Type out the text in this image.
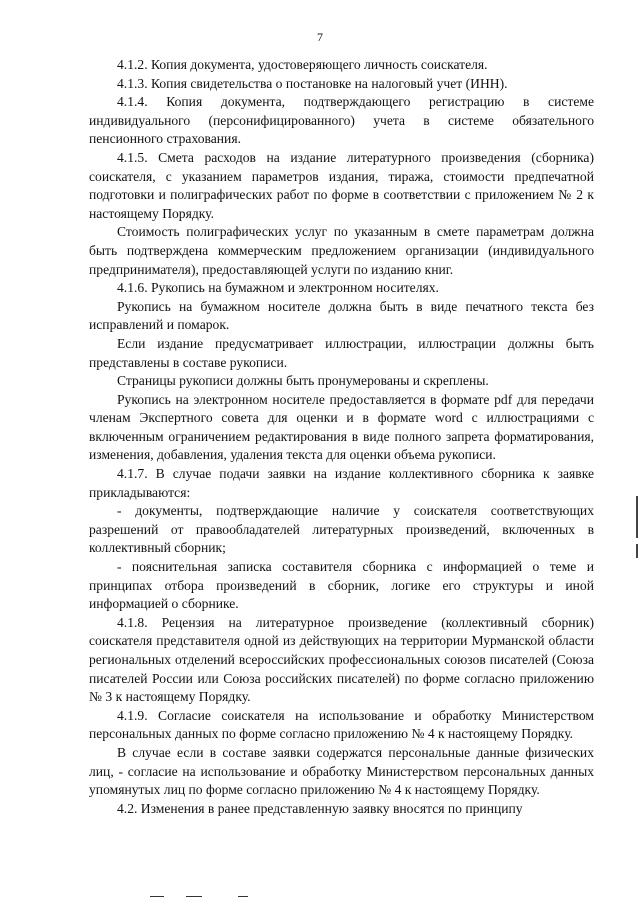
7

4.1.2. Копия документа, удостоверяющего личность соискателя.

4.1.3. Копия свидетельства о постановке на налоговый учет (ИНН).

4.1.4. Копия документа, подтверждающего регистрацию в системе индивидуального (персонифицированного) учета в системе обязательного пенсионного страхования.

4.1.5. Смета расходов на издание литературного произведения (сборника) соискателя, с указанием параметров издания, тиража, стоимости предпечатной подготовки и полиграфических работ по форме в соответствии с приложением № 2 к настоящему Порядку.

Стоимость полиграфических услуг по указанным в смете параметрам должна быть подтверждена коммерческим предложением организации (индивидуального предпринимателя), предоставляющей услуги по изданию книг.

4.1.6. Рукопись на бумажном и электронном носителях.

Рукопись на бумажном носителе должна быть в виде печатного текста без исправлений и помарок.

Если издание предусматривает иллюстрации, иллюстрации должны быть представлены в составе рукописи.

Страницы рукописи должны быть пронумерованы и скреплены.

Рукопись на электронном носителе предоставляется в формате pdf для передачи членам Экспертного совета для оценки и в формате word с иллюстрациями с включенным ограничением редактирования в виде полного запрета форматирования, изменения, добавления, удаления текста для оценки объема рукописи.

4.1.7. В случае подачи заявки на издание коллективного сборника к заявке прикладываются:

- документы, подтверждающие наличие у соискателя соответствующих разрешений от правообладателей литературных произведений, включенных в коллективный сборник;

- пояснительная записка составителя сборника с информацией о теме и принципах отбора произведений в сборник, логике его структуры и иной информацией о сборнике.

4.1.8. Рецензия на литературное произведение (коллективный сборник) соискателя представителя одной из действующих на территории Мурманской области региональных отделений всероссийских профессиональных союзов писателей (Союза писателей России или Союза российских писателей) по форме согласно приложению № 3 к настоящему Порядку.

4.1.9. Согласие соискателя на использование и обработку Министерством персональных данных по форме согласно приложению № 4 к настоящему Порядку.

В случае если в составе заявки содержатся персональные данные физических лиц, - согласие на использование и обработку Министерством персональных данных упомянутых лиц по форме согласно приложению № 4 к настоящему Порядку.

4.2. Изменения в ранее представленную заявку вносятся по принципу
